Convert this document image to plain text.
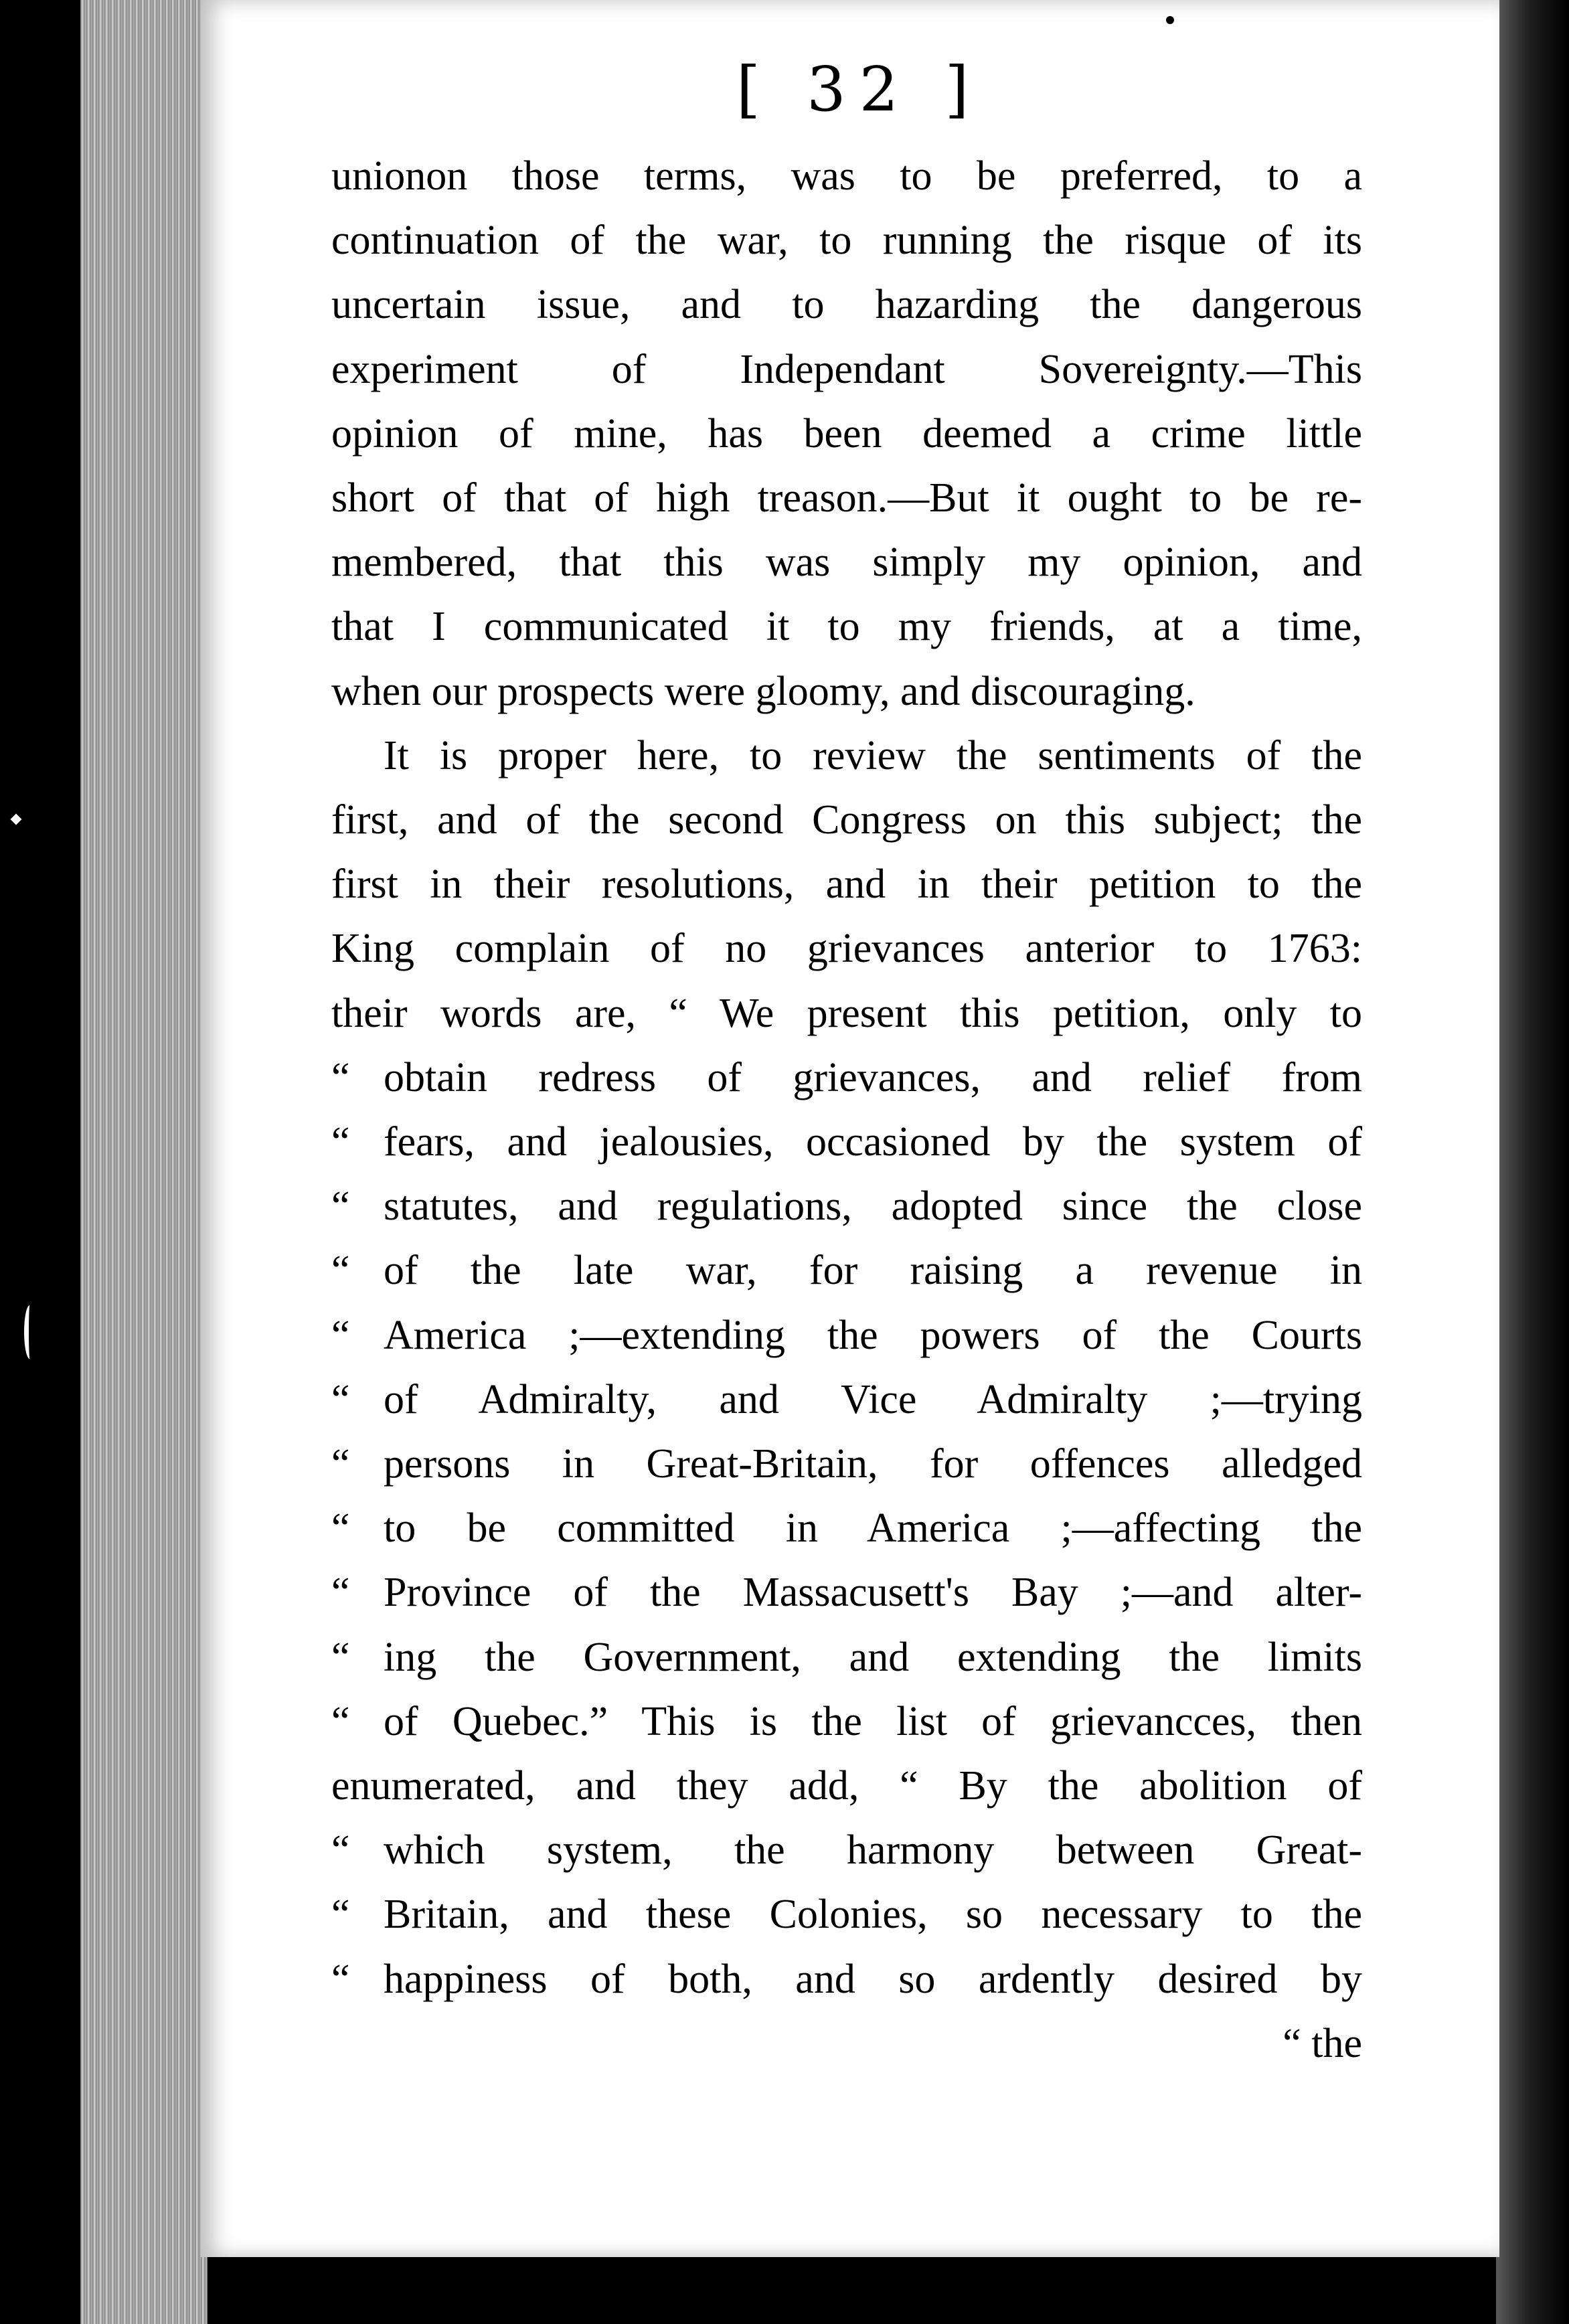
[ 32 ]
unionon those terms, was to be preferred, to a
continuation of the war, to running the risque of its
uncertain issue, and to hazarding the dangerous
experiment of Independant Sovereignty.—This
opinion of mine, has been deemed a crime little
short of that of high treason.—But it ought to be re-
membered, that this was simply my opinion, and
that I communicated it to my friends, at a time,
when our prospects were gloomy, and discouraging.
It is proper here, to review the sentiments of the
first, and of the second Congress on this subject; the
first in their resolutions, and in their petition to the
King complain of no grievances anterior to 1763:
their words are, “ We present this petition, only to
“ obtain redress of grievances, and relief from
“ fears, and jealousies, occasioned by the system of
“ statutes, and regulations, adopted since the close
“ of the late war, for raising a revenue in
“ America ;—extending the powers of the Courts
“ of Admiralty, and Vice Admiralty ;—trying
“ persons in Great-Britain, for offences alledged
“ to be committed in America ;—affecting the
“ Province of the Massacusett's Bay ;—and alter-
“ ing the Government, and extending the limits
“ of Quebec.” This is the list of grievancces, then
enumerated, and they add, “ By the abolition of
“ which system, the harmony between Great-
“ Britain, and these Colonies, so necessary to the
“ happiness of both, and so ardently desired by
“ the
